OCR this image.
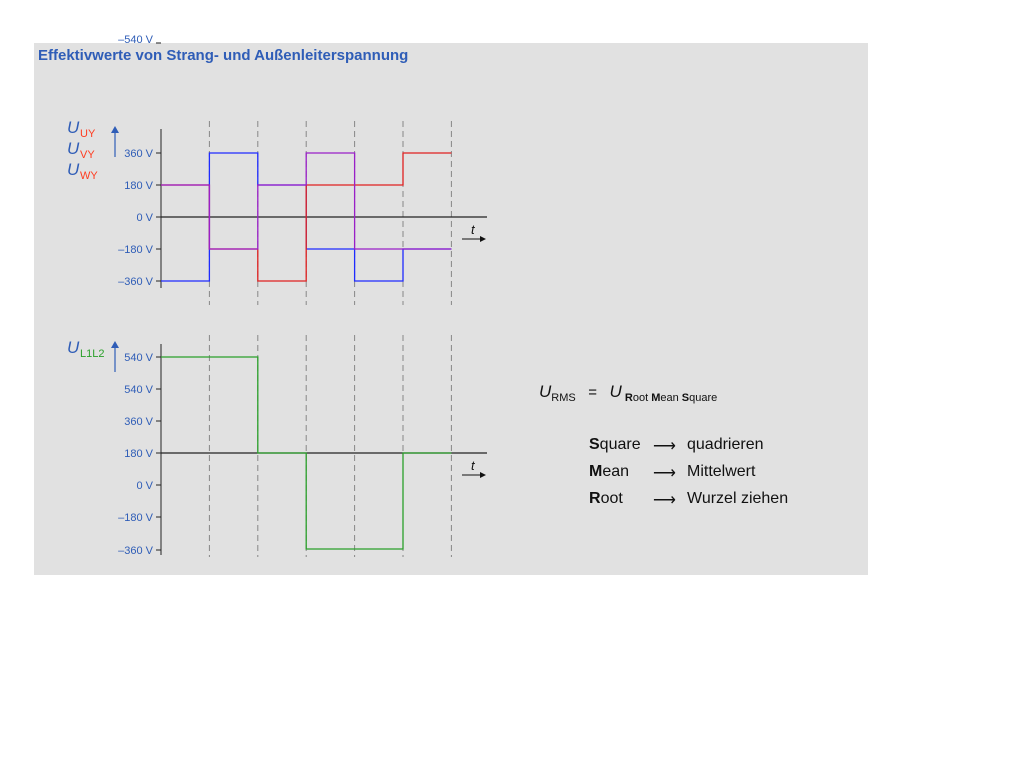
Effektivwerte von Strang- und Außenleiterspannung
t
360 V
180 V
0 V
–180 V
–360 V
U UY
U VY
U WY
t
540 V
540 V
360 V
180 V
0 V
–180 V
–360 V
–540 V
U L1L2
$U_{RMS} = U$ $_{Root Mean Square}$
Square ⟶ quadrieren
Mean ⟶ Mittelwert
Root ⟶ Wurzel ziehen
